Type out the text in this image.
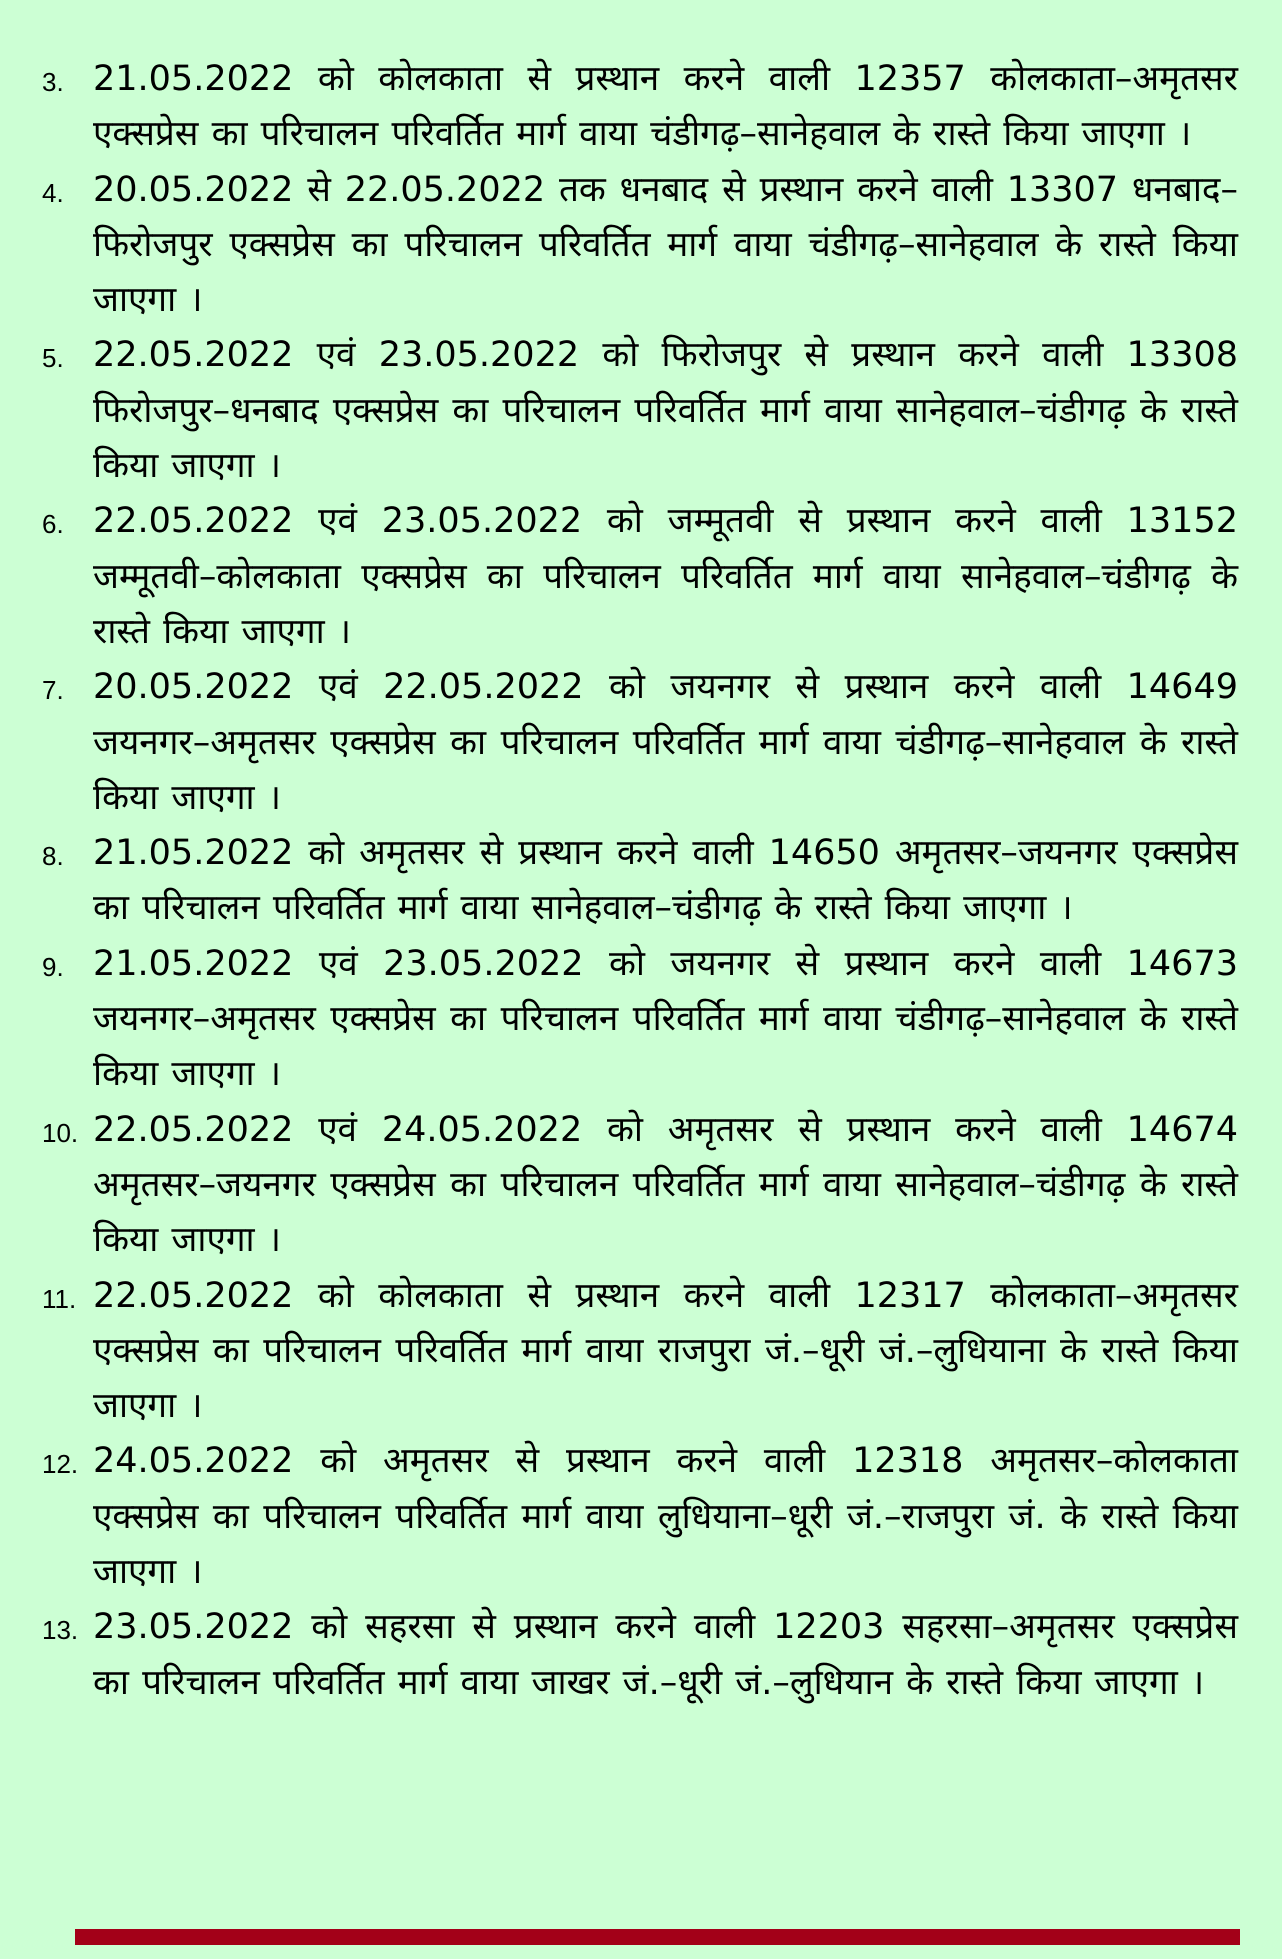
3. 21.05.2022 को कोलकाता से प्रस्थान करने वाली 12357 कोलकाता–अमृतसर एक्सप्रेस का परिचालन परिवर्तित मार्ग वाया चंडीगढ़–सानेहवाल के रास्ते किया जाएगा ।
4. 20.05.2022 से 22.05.2022 तक धनबाद से प्रस्थान करने वाली 13307 धनबाद–फिरोजपुर एक्सप्रेस का परिचालन परिवर्तित मार्ग वाया चंडीगढ़–सानेहवाल के रास्ते किया जाएगा ।
5. 22.05.2022 एवं 23.05.2022 को फिरोजपुर से प्रस्थान करने वाली 13308 फिरोजपुर–धनबाद एक्सप्रेस का परिचालन परिवर्तित मार्ग वाया सानेहवाल–चंडीगढ़ के रास्ते किया जाएगा ।
6. 22.05.2022 एवं 23.05.2022 को जम्मूतवी से प्रस्थान करने वाली 13152 जम्मूतवी–कोलकाता एक्सप्रेस का परिचालन परिवर्तित मार्ग वाया सानेहवाल–चंडीगढ़ के रास्ते किया जाएगा ।
7. 20.05.2022 एवं 22.05.2022 को जयनगर से प्रस्थान करने वाली 14649 जयनगर–अमृतसर एक्सप्रेस का परिचालन परिवर्तित मार्ग वाया चंडीगढ़–सानेहवाल के रास्ते किया जाएगा ।
8. 21.05.2022 को अमृतसर से प्रस्थान करने वाली 14650 अमृतसर–जयनगर एक्सप्रेस का परिचालन परिवर्तित मार्ग वाया सानेहवाल–चंडीगढ़ के रास्ते किया जाएगा ।
9. 21.05.2022 एवं 23.05.2022 को जयनगर से प्रस्थान करने वाली 14673 जयनगर–अमृतसर एक्सप्रेस का परिचालन परिवर्तित मार्ग वाया चंडीगढ़–सानेहवाल के रास्ते किया जाएगा ।
10. 22.05.2022 एवं 24.05.2022 को अमृतसर से प्रस्थान करने वाली 14674 अमृतसर–जयनगर एक्सप्रेस का परिचालन परिवर्तित मार्ग वाया सानेहवाल–चंडीगढ़ के रास्ते किया जाएगा ।
11. 22.05.2022 को कोलकाता से प्रस्थान करने वाली 12317 कोलकाता–अमृतसर एक्सप्रेस का परिचालन परिवर्तित मार्ग वाया राजपुरा जं.–धूरी जं.–लुधियाना के रास्ते किया जाएगा ।
12. 24.05.2022 को अमृतसर से प्रस्थान करने वाली 12318 अमृतसर–कोलकाता एक्सप्रेस का परिचालन परिवर्तित मार्ग वाया लुधियाना–धूरी जं.–राजपुरा जं. के रास्ते किया जाएगा ।
13. 23.05.2022 को सहरसा से प्रस्थान करने वाली 12203 सहरसा–अमृतसर एक्सप्रेस का परिचालन परिवर्तित मार्ग वाया जाखर जं.–धूरी जं.–लुधियान के रास्ते किया जाएगा ।
